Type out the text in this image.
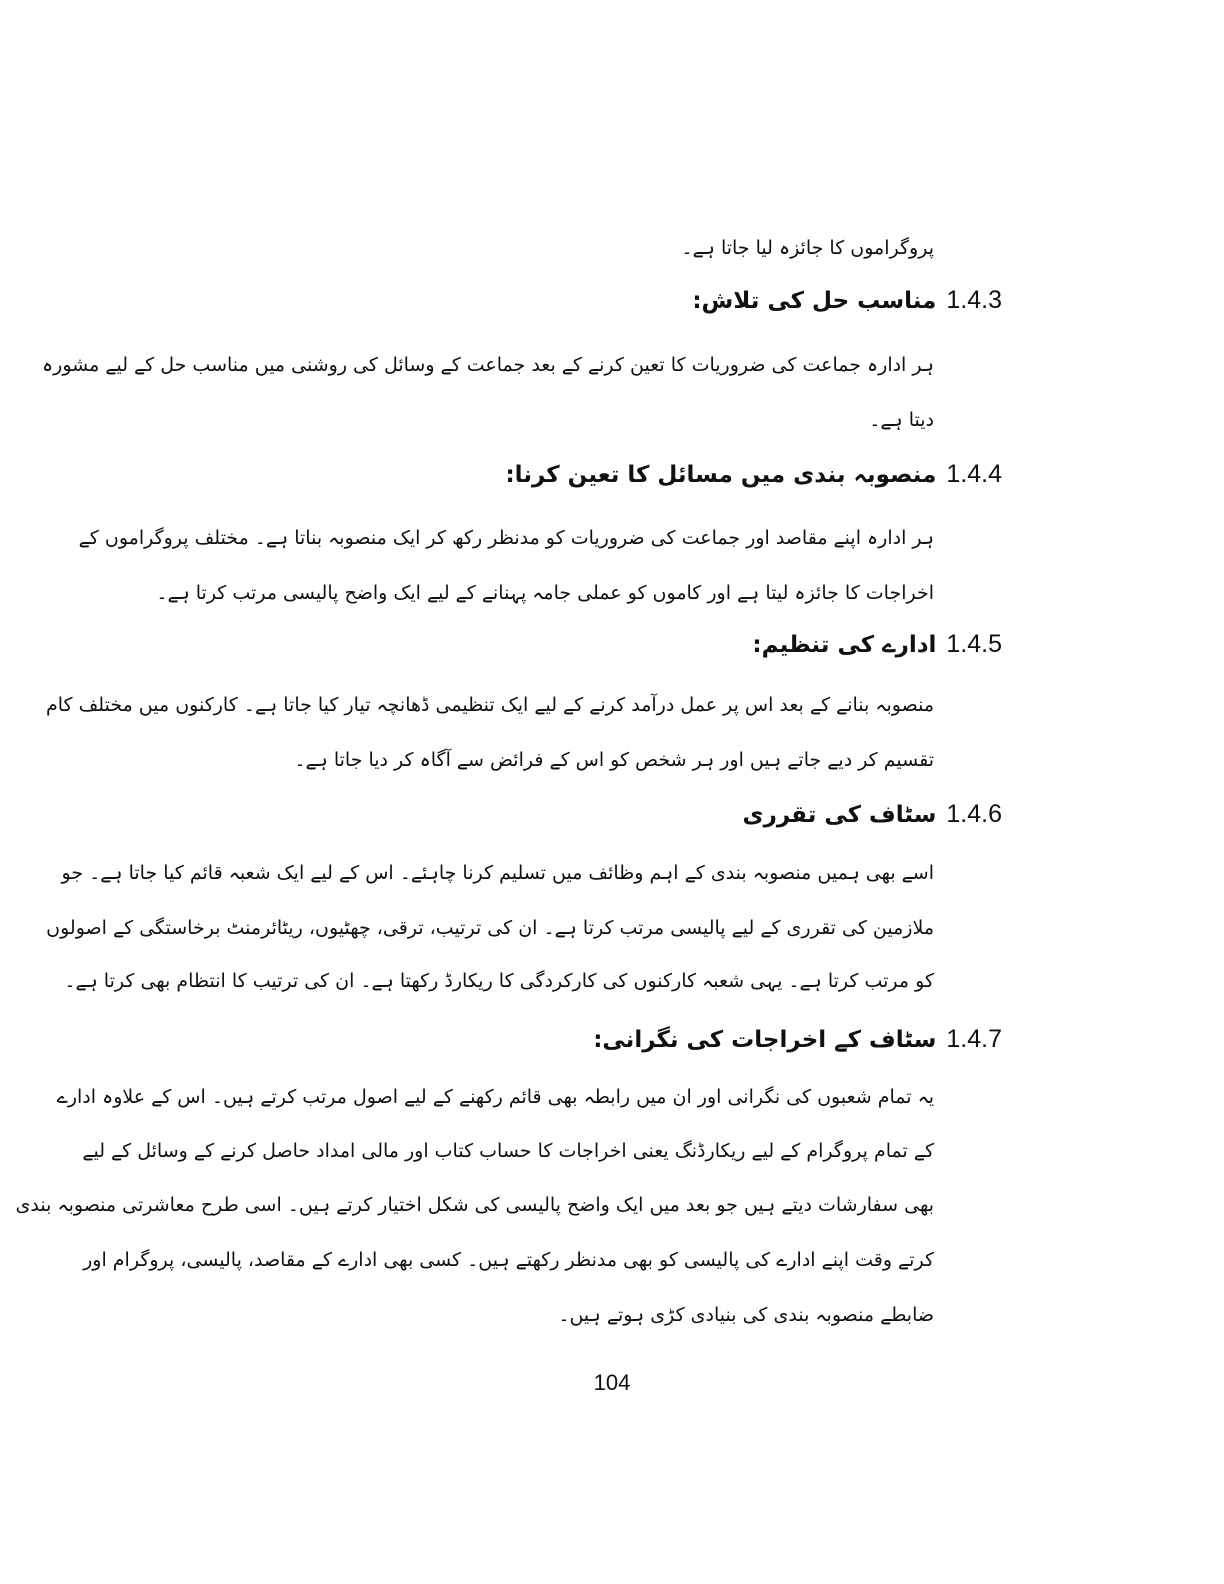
پروگراموں کا جائزہ لیا جاتا ہے۔
1.4.3
مناسب حل کی تلاش:
ہر ادارہ جماعت کی ضروریات کا تعین کرنے کے بعد جماعت کے وسائل کی روشنی میں مناسب حل کے لیے مشورہ
دیتا ہے۔
1.4.4
منصوبہ بندی میں مسائل کا تعین کرنا:
ہر ادارہ اپنے مقاصد اور جماعت کی ضروریات کو مدنظر رکھ کر ایک منصوبہ بناتا ہے۔ مختلف پروگراموں کے
اخراجات کا جائزہ لیتا ہے اور کاموں کو عملی جامہ پہنانے کے لیے ایک واضح پالیسی مرتب کرتا ہے۔
1.4.5
ادارے کی تنظیم:
منصوبہ بنانے کے بعد اس پر عمل درآمد کرنے کے لیے ایک تنظیمی ڈھانچہ تیار کیا جاتا ہے۔ کارکنوں میں مختلف کام
تقسیم کر دیے جاتے ہیں اور ہر شخص کو اس کے فرائض سے آگاہ کر دیا جاتا ہے۔
1.4.6
سٹاف کی تقرری
اسے بھی ہمیں منصوبہ بندی کے اہم وظائف میں تسلیم کرنا چاہئے۔ اس کے لیے ایک شعبہ قائم کیا جاتا ہے۔ جو
ملازمین کی تقرری کے لیے پالیسی مرتب کرتا ہے۔ ان کی ترتیب، ترقی، چھٹیوں، ریٹائرمنٹ برخاستگی کے اصولوں
کو مرتب کرتا ہے۔ یہی شعبہ کارکنوں کی کارکردگی کا ریکارڈ رکھتا ہے۔ ان کی ترتیب کا انتظام بھی کرتا ہے۔
1.4.7
سٹاف کے اخراجات کی نگرانی:
یہ تمام شعبوں کی نگرانی اور ان میں رابطہ بھی قائم رکھنے کے لیے اصول مرتب کرتے ہیں۔ اس کے علاوہ ادارے
کے تمام پروگرام کے لیے ریکارڈنگ یعنی اخراجات کا حساب کتاب اور مالی امداد حاصل کرنے کے وسائل کے لیے
بھی سفارشات دیتے ہیں جو بعد میں ایک واضح پالیسی کی شکل اختیار کرتے ہیں۔ اسی طرح معاشرتی منصوبہ بندی
کرتے وقت اپنے ادارے کی پالیسی کو بھی مدنظر رکھتے ہیں۔ کسی بھی ادارے کے مقاصد، پالیسی، پروگرام اور
ضابطے منصوبہ بندی کی بنیادی کڑی ہوتے ہیں۔
104
